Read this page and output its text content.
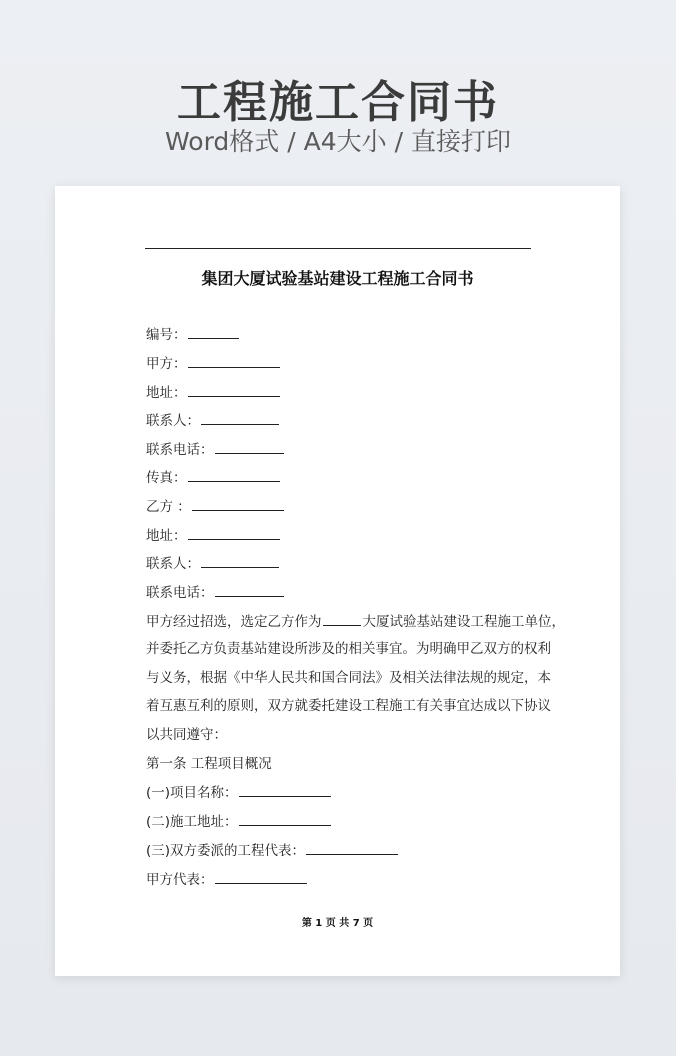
工程施工合同书
Word格式 / A4大小 / 直接打印
集团大厦试验基站建设工程施工合同书
编号：
甲方：
地址：
联系人：
联系电话：
传真：
乙方 ：
地址：
联系人：
联系电话：
甲方经过招选，选定乙方作为	大厦试验基站建设工程施工单位，
并委托乙方负责基站建设所涉及的相关事宜。为明确甲乙双方的权利
与义务，根据《中华人民共和国合同法》及相关法律法规的规定，本
着互惠互利的原则，双方就委托建设工程施工有关事宜达成以下协议
以共同遵守：
第一条 工程项目概况
(一)项目名称：
(二)施工地址：
(三)双方委派的工程代表：
甲方代表：
第 1 页 共 7 页
